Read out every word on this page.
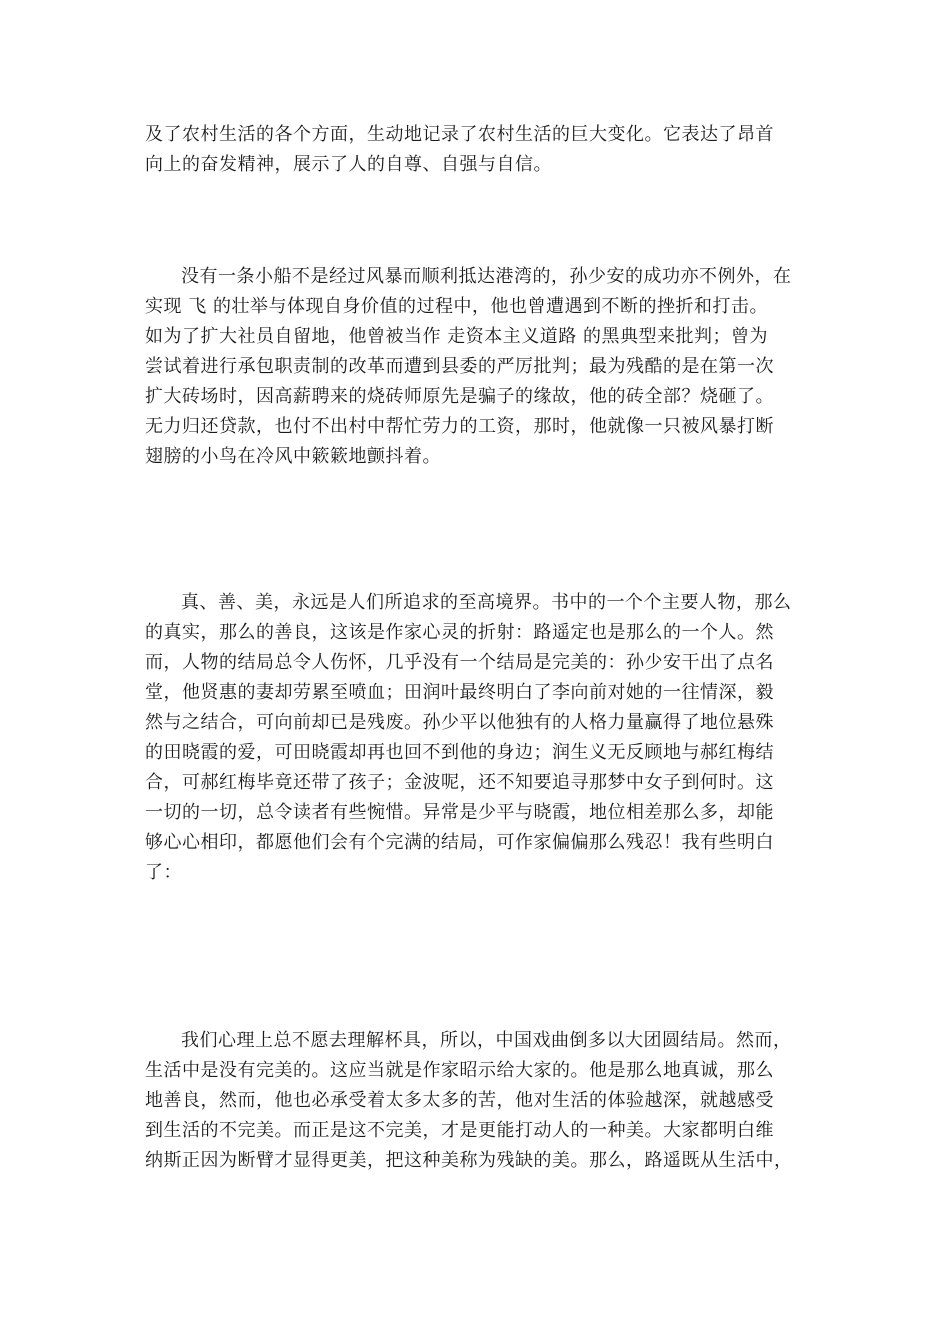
及了农村生活的各个方面，生动地记录了农村生活的巨大变化。它表达了昂首
向上的奋发精神，展示了人的自尊、自强与自信。
没有一条小船不是经过风暴而顺利抵达港湾的，孙少安的成功亦不例外，在
实现 飞 的壮举与体现自身价值的过程中，他也曾遭遇到不断的挫折和打击。
如为了扩大社员自留地，他曾被当作 走资本主义道路 的黑典型来批判；曾为
尝试着进行承包职责制的改革而遭到县委的严厉批判；最为残酷的是在第一次
扩大砖场时，因高薪聘来的烧砖师原先是骗子的缘故，他的砖全部？烧砸了。
无力归还贷款，也付不出村中帮忙劳力的工资，那时，他就像一只被风暴打断
翅膀的小鸟在冷风中簌簌地颤抖着。
真、善、美，永远是人们所追求的至高境界。书中的一个个主要人物，那么
的真实，那么的善良，这该是作家心灵的折射：路遥定也是那么的一个人。然
而，人物的结局总令人伤怀，几乎没有一个结局是完美的：孙少安干出了点名
堂，他贤惠的妻却劳累至喷血；田润叶最终明白了李向前对她的一往情深，毅
然与之结合，可向前却已是残废。孙少平以他独有的人格力量赢得了地位悬殊
的田晓霞的爱，可田晓霞却再也回不到他的身边；润生义无反顾地与郝红梅结
合，可郝红梅毕竟还带了孩子；金波呢，还不知要追寻那梦中女子到何时。这
一切的一切，总令读者有些惋惜。异常是少平与晓霞，地位相差那么多，却能
够心心相印，都愿他们会有个完满的结局，可作家偏偏那么残忍！我有些明白
了：
我们心理上总不愿去理解杯具，所以，中国戏曲倒多以大团圆结局。然而，
生活中是没有完美的。这应当就是作家昭示给大家的。他是那么地真诚，那么
地善良，然而，他也必承受着太多太多的苦，他对生活的体验越深，就越感受
到生活的不完美。而正是这不完美，才是更能打动人的一种美。大家都明白维
纳斯正因为断臂才显得更美，把这种美称为残缺的美。那么，路遥既从生活中，
